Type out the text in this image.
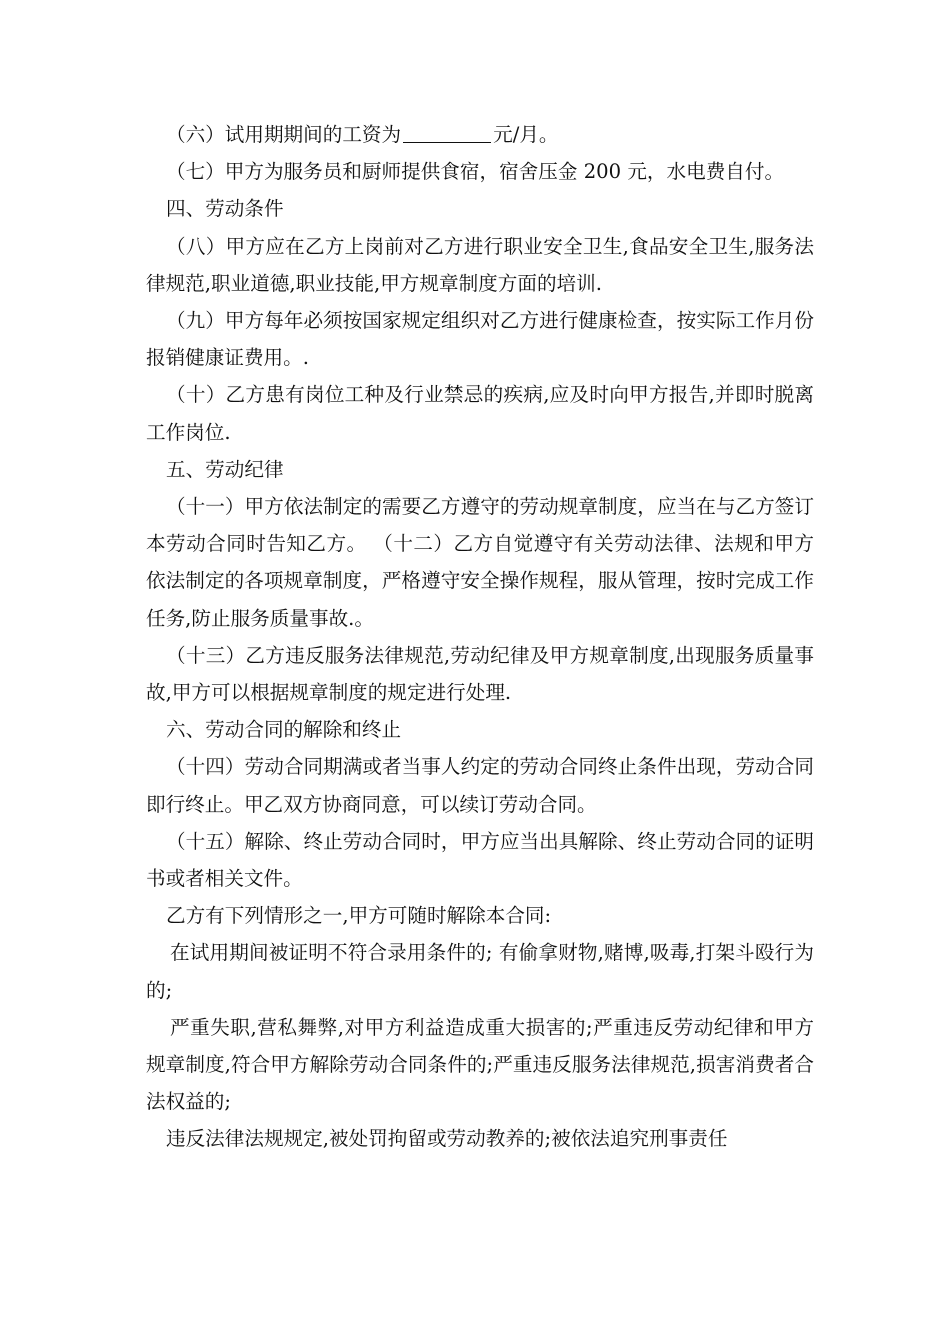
（六）试用期期间的工资为	元/月。

（七）甲方为服务员和厨师提供食宿，宿舍压金 200 元，水电费自付。

四、劳动条件

（八）甲方应在乙方上岗前对乙方进行职业安全卫生,食品安全卫生,服务法律规范,职业道德,职业技能,甲方规章制度方面的培训.

（九）甲方每年必须按国家规定组织对乙方进行健康检查，按实际工作月份报销健康证费用。.

（十）乙方患有岗位工种及行业禁忌的疾病,应及时向甲方报告,并即时脱离工作岗位.

五、劳动纪律

（十一）甲方依法制定的需要乙方遵守的劳动规章制度，应当在与乙方签订本劳动合同时告知乙方。 （十二）乙方自觉遵守有关劳动法律、法规和甲方依法制定的各项规章制度，严格遵守安全操作规程，服从管理，按时完成工作任务,防止服务质量事故.。

（十三）乙方违反服务法律规范,劳动纪律及甲方规章制度,出现服务质量事故,甲方可以根据规章制度的规定进行处理.

六、劳动合同的解除和终止

（十四）劳动合同期满或者当事人约定的劳动合同终止条件出现，劳动合同即行终止。甲乙双方协商同意，可以续订劳动合同。

（十五）解除、终止劳动合同时，甲方应当出具解除、终止劳动合同的证明书或者相关文件。

乙方有下列情形之一,甲方可随时解除本合同:

在试用期间被证明不符合录用条件的; 有偷拿财物,赌博,吸毒,打架斗殴行为的;

严重失职,营私舞弊,对甲方利益造成重大损害的;严重违反劳动纪律和甲方规章制度,符合甲方解除劳动合同条件的;严重违反服务法律规范,损害消费者合法权益的;

违反法律法规规定,被处罚拘留或劳动教养的;被依法追究刑事责任
